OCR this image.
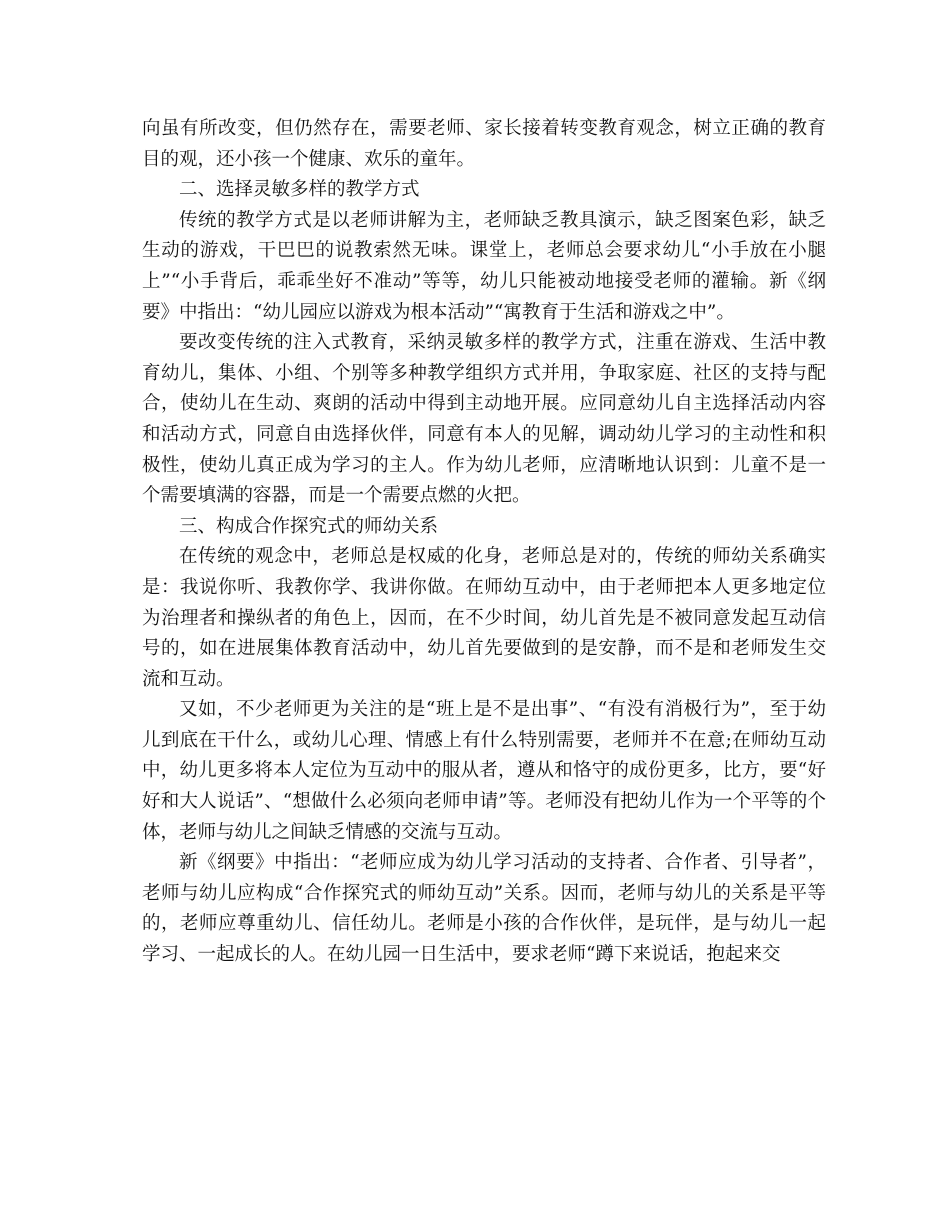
向虽有所改变，但仍然存在，需要老师、家长接着转变教育观念，树立正确的教育目的观，还小孩一个健康、欢乐的童年。

二、选择灵敏多样的教学方式

传统的教学方式是以老师讲解为主，老师缺乏教具演示，缺乏图案色彩，缺乏生动的游戏，干巴巴的说教索然无味。课堂上，老师总会要求幼儿“小手放在小腿上”“小手背后，乖乖坐好不准动”等等，幼儿只能被动地接受老师的灌输。新《纲要》中指出：“幼儿园应以游戏为根本活动”“寓教育于生活和游戏之中”。

要改变传统的注入式教育，采纳灵敏多样的教学方式，注重在游戏、生活中教育幼儿，集体、小组、个别等多种教学组织方式并用，争取家庭、社区的支持与配合，使幼儿在生动、爽朗的活动中得到主动地开展。应同意幼儿自主选择活动内容和活动方式，同意自由选择伙伴，同意有本人的见解，调动幼儿学习的主动性和积极性，使幼儿真正成为学习的主人。作为幼儿老师，应清晰地认识到：儿童不是一个需要填满的容器，而是一个需要点燃的火把。

三、构成合作探究式的师幼关系

在传统的观念中，老师总是权威的化身，老师总是对的，传统的师幼关系确实是：我说你听、我教你学、我讲你做。在师幼互动中，由于老师把本人更多地定位为治理者和操纵者的角色上，因而，在不少时间，幼儿首先是不被同意发起互动信号的，如在进展集体教育活动中，幼儿首先要做到的是安静，而不是和老师发生交流和互动。

又如，不少老师更为关注的是“班上是不是出事”、“有没有消极行为”，至于幼儿到底在干什么，或幼儿心理、情感上有什么特别需要，老师并不在意;在师幼互动中，幼儿更多将本人定位为互动中的服从者，遵从和恪守的成份更多，比方，要“好好和大人说话”、“想做什么必须向老师申请”等。老师没有把幼儿作为一个平等的个体，老师与幼儿之间缺乏情感的交流与互动。

新《纲要》中指出：“老师应成为幼儿学习活动的支持者、合作者、引导者”，老师与幼儿应构成“合作探究式的师幼互动”关系。因而，老师与幼儿的关系是平等的，老师应尊重幼儿、信任幼儿。老师是小孩的合作伙伴，是玩伴，是与幼儿一起学习、一起成长的人。在幼儿园一日生活中，要求老师“蹲下来说话，抱起来交
